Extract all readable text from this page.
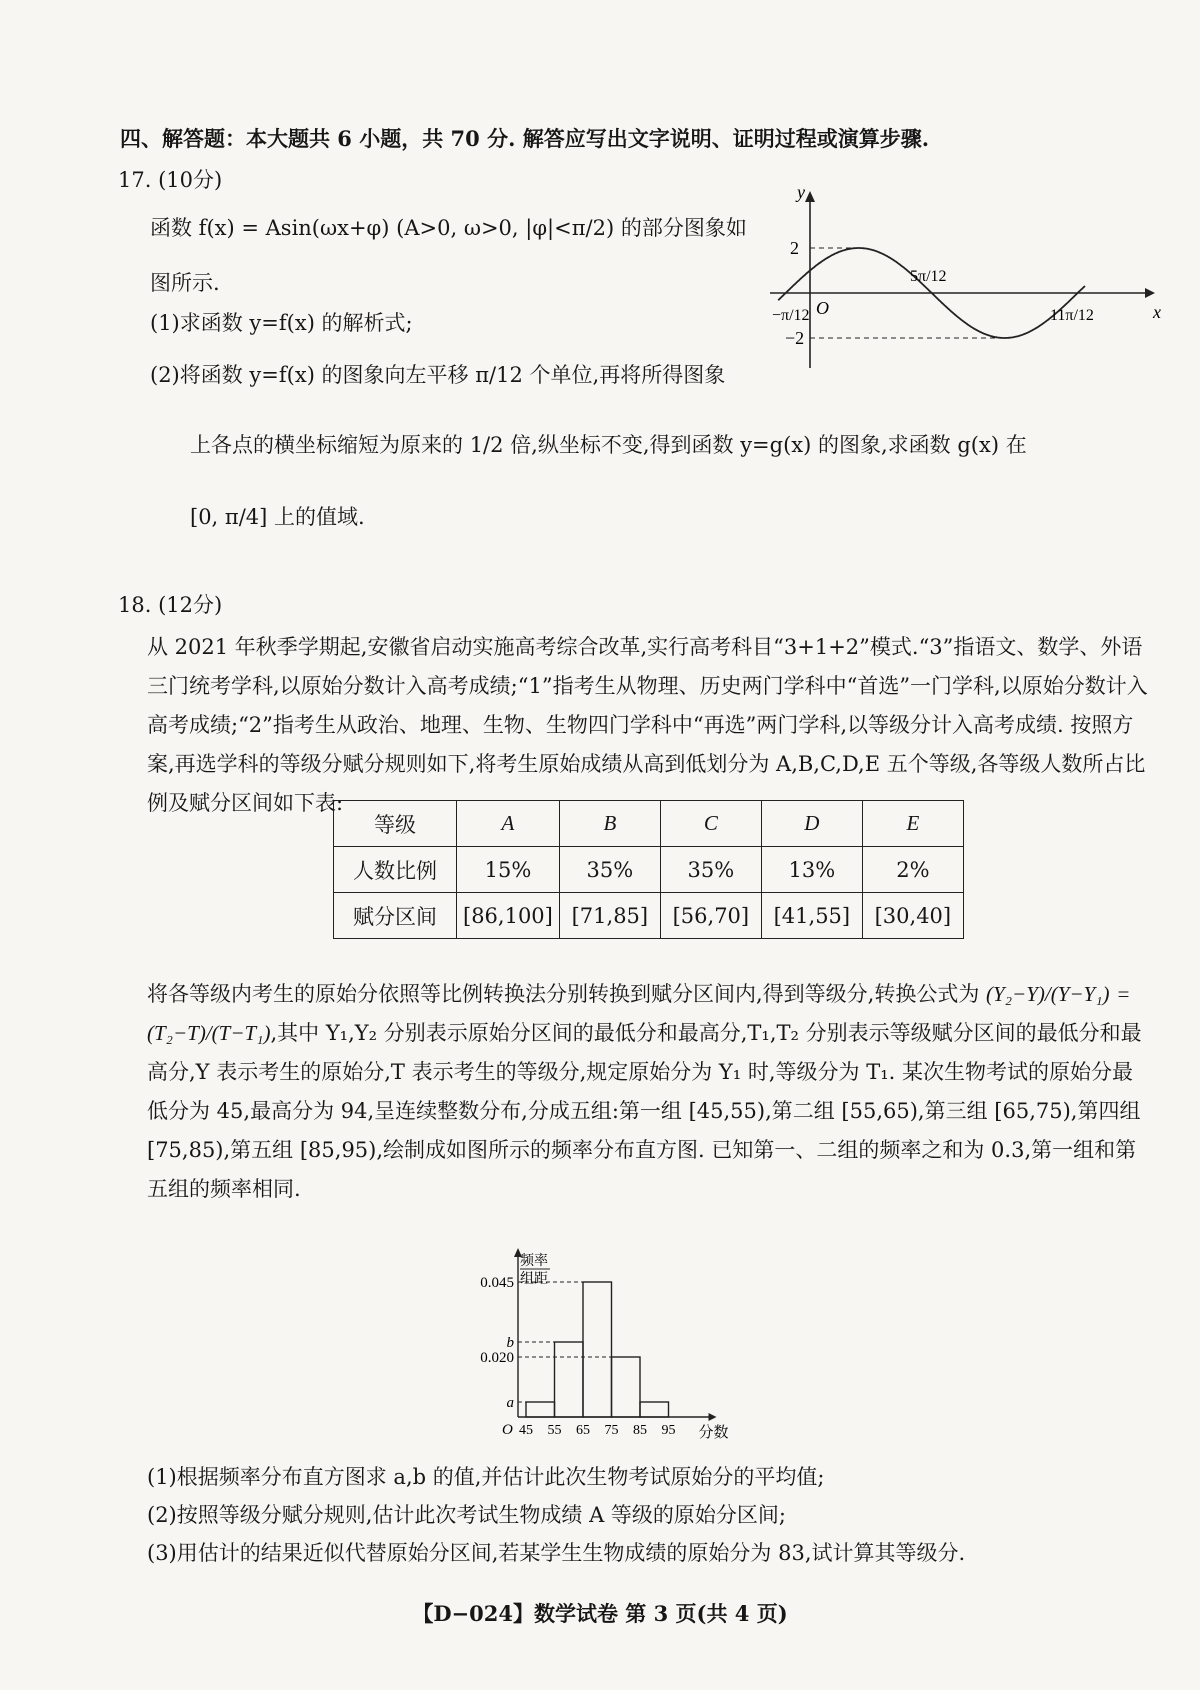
四、解答题：本大题共 6 小题，共 70 分. 解答应写出文字说明、证明过程或演算步骤.
17. (10分)
函数 f(x) = Asin(ωx+φ) (A>0, ω>0, |φ|<π/2) 的部分图象如
图所示.
(1)求函数 y=f(x) 的解析式;
(2)将函数 y=f(x) 的图象向左平移 π/12 个单位,再将所得图象
上各点的横坐标缩短为原来的 1/2 倍,纵坐标不变,得到函数 y=g(x) 的图象,求函数 g(x) 在
[0, π/4] 上的值域.
y
x
O
2
−2
−π/12
5π/12
11π/12
18. (12分)
从 2021 年秋季学期起,安徽省启动实施高考综合改革,实行高考科目“3+1+2”模式.“3”指语文、数学、外语三门统考学科,以原始分数计入高考成绩;“1”指考生从物理、历史两门学科中“首选”一门学科,以原始分数计入高考成绩;“2”指考生从政治、地理、生物、生物四门学科中“再选”两门学科,以等级分计入高考成绩. 按照方案,再选学科的等级分赋分规则如下,将考生原始成绩从高到低划分为 A,B,C,D,E 五个等级,各等级人数所占比例及赋分区间如下表:
等级	A	B	C	D	E
人数比例	15%	35%	35%	13%	2%
赋分区间	[86,100]	[71,85]	[56,70]	[41,55]	[30,40]
将各等级内考生的原始分依照等比例转换法分别转换到赋分区间内,得到等级分,转换公式为 (Y₂−Y)/(Y−Y₁) =(T₂−T)/(T−T₁),其中 Y₁,Y₂ 分别表示原始分区间的最低分和最高分,T₁,T₂ 分别表示等级赋分区间的最低分和最高分,Y 表示考生的原始分,T 表示考生的等级分,规定原始分为 Y₁ 时,等级分为 T₁. 某次生物考试的原始分最低分为 45,最高分为 94,呈连续整数分布,分成五组:第一组 [45,55),第二组 [55,65),第三组 [65,75),第四组 [75,85),第五组 [85,95),绘制成如图所示的频率分布直方图. 已知第一、二组的频率之和为 0.3,第一组和第五组的频率相同.
a
0.020
b
0.045
45 55 65 75 85 95
O	分数
频率
组距
(1)根据频率分布直方图求 a,b 的值,并估计此次生物考试原始分的平均值;
(2)按照等级分赋分规则,估计此次考试生物成绩 A 等级的原始分区间;
(3)用估计的结果近似代替原始分区间,若某学生生物成绩的原始分为 83,试计算其等级分.
【D−024】数学试卷 第 3 页(共 4 页)
